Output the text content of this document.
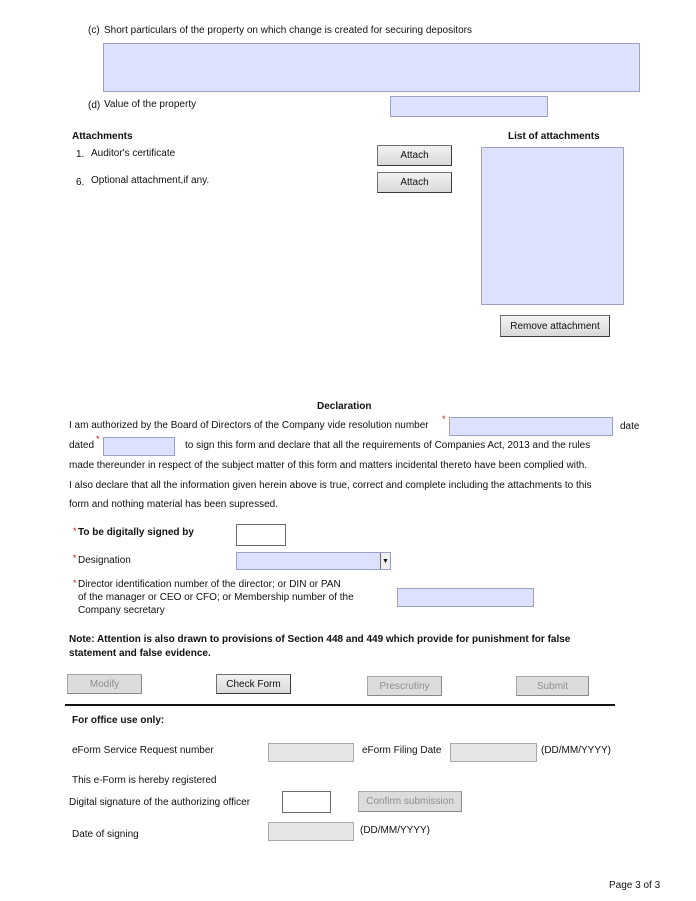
(c) Short particulars of the property on which change is created for securing depositors
(d) Value of the property
Attachments	List of attachments
1. Auditor's certificate	Attach
6. Optional attachment,if any.	Attach
Remove attachment
Declaration
I am authorized by the Board of Directors of the Company vide resolution number
*
date
dated
*
to sign this form and declare that all the requirements of Companies Act, 2013 and the rules
made thereunder in respect of the subject matter of this form and matters incidental thereto have been complied with.
I also declare that all the information given herein above is true, correct and complete including the attachments to this
form and nothing material has been supressed.
* To be digitally signed by
* Designation	▼
* Director identification number of the director; or DIN or PAN
of the manager or CEO or CFO; or Membership number of the
Company secretary
Note: Attention is also drawn to provisions of Section 448 and 449 which provide for punishment for false
statement and false evidence.
Modify	Check Form	Prescrutiny	Submit
For office use only:
eForm Service Request number	eForm Filing Date	(DD/MM/YYYY)
This e-Form is hereby registered
Digital signature of the authorizing officer	Confirm submission
Date of signing	(DD/MM/YYYY)
Page 3 of 3
